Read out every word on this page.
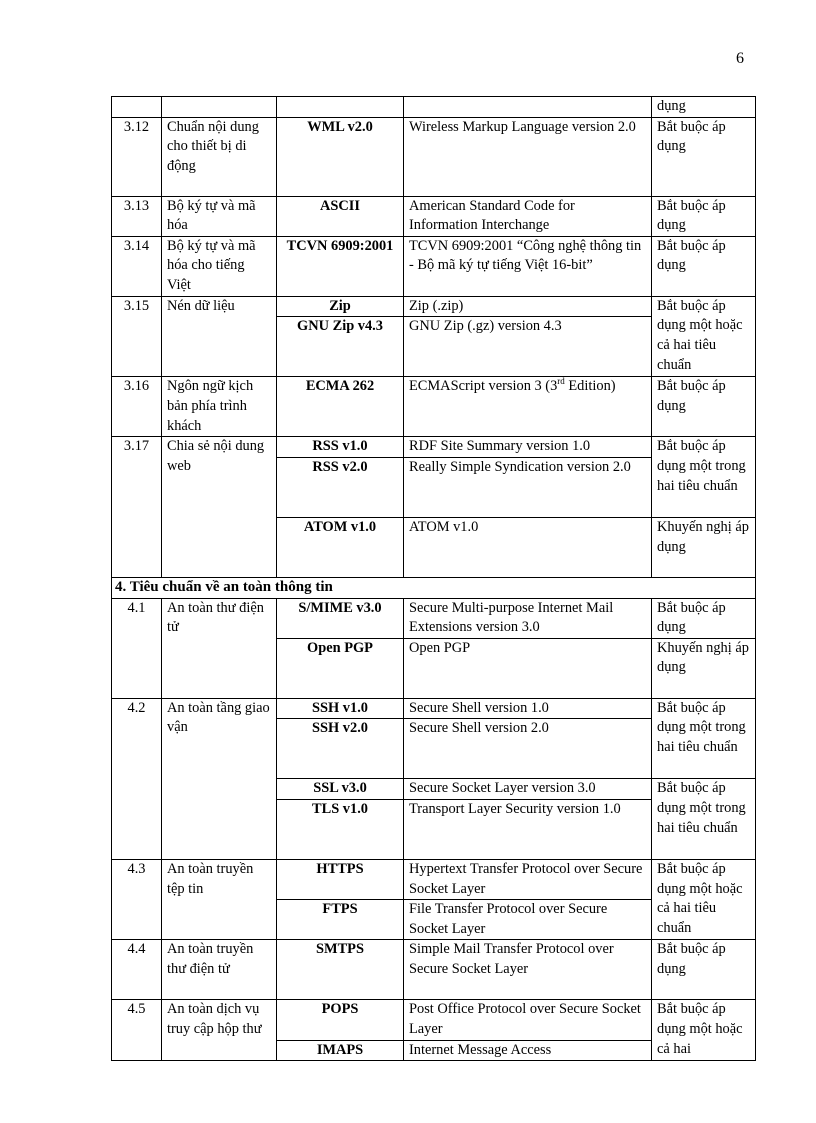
6
				dụng
3.12	Chuẩn nội dung cho thiết bị di động	WML v2.0	Wireless Markup Language version 2.0	Bắt buộc áp dụng
3.13	Bộ ký tự và mã hóa	ASCII	American Standard Code for Information Interchange	Bắt buộc áp dụng
3.14	Bộ ký tự và mã hóa cho tiếng Việt	TCVN 6909:2001	TCVN 6909:2001 “Công nghệ thông tin - Bộ mã ký tự tiếng Việt 16-bit”	Bắt buộc áp dụng
3.15	Nén dữ liệu	Zip	Zip (.zip)	Bắt buộc áp dụng một hoặc cả hai tiêu chuẩn
		GNU Zip v4.3	GNU Zip (.gz) version 4.3	
3.16	Ngôn ngữ kịch bản phía trình khách	ECMA 262	ECMAScript version 3 (3rd Edition)	Bắt buộc áp dụng
3.17	Chia sẻ nội dung web	RSS v1.0	RDF Site Summary version 1.0	Bắt buộc áp dụng một trong hai tiêu chuẩn
		RSS v2.0	Really Simple Syndication version 2.0	
		ATOM v1.0	ATOM v1.0	Khuyến nghị áp dụng
4. Tiêu chuẩn về an toàn thông tin				
4.1	An toàn thư điện tử	S/MIME v3.0	Secure Multi-purpose Internet Mail Extensions version 3.0	Bắt buộc áp dụng
		Open PGP	Open PGP	Khuyến nghị áp dụng
4.2	An toàn tầng giao vận	SSH v1.0	Secure Shell version 1.0	Bắt buộc áp dụng một trong hai tiêu chuẩn
		SSH v2.0	Secure Shell version 2.0	
		SSL v3.0	Secure Socket Layer version 3.0	Bắt buộc áp dụng một trong hai tiêu chuẩn
		TLS v1.0	Transport Layer Security version 1.0	
4.3	An toàn truyền tệp tin	HTTPS	Hypertext Transfer Protocol over Secure Socket Layer	Bắt buộc áp dụng một hoặc cả hai tiêu chuẩn
		FTPS	File Transfer Protocol over Secure Socket Layer	
4.4	An toàn truyền thư điện tử	SMTPS	Simple Mail Transfer Protocol over Secure Socket Layer	Bắt buộc áp dụng
4.5	An toàn dịch vụ truy cập hộp thư	POPS	Post Office Protocol over Secure Socket Layer	Bắt buộc áp dụng một hoặc cả hai
		IMAPS	Internet Message Access	
